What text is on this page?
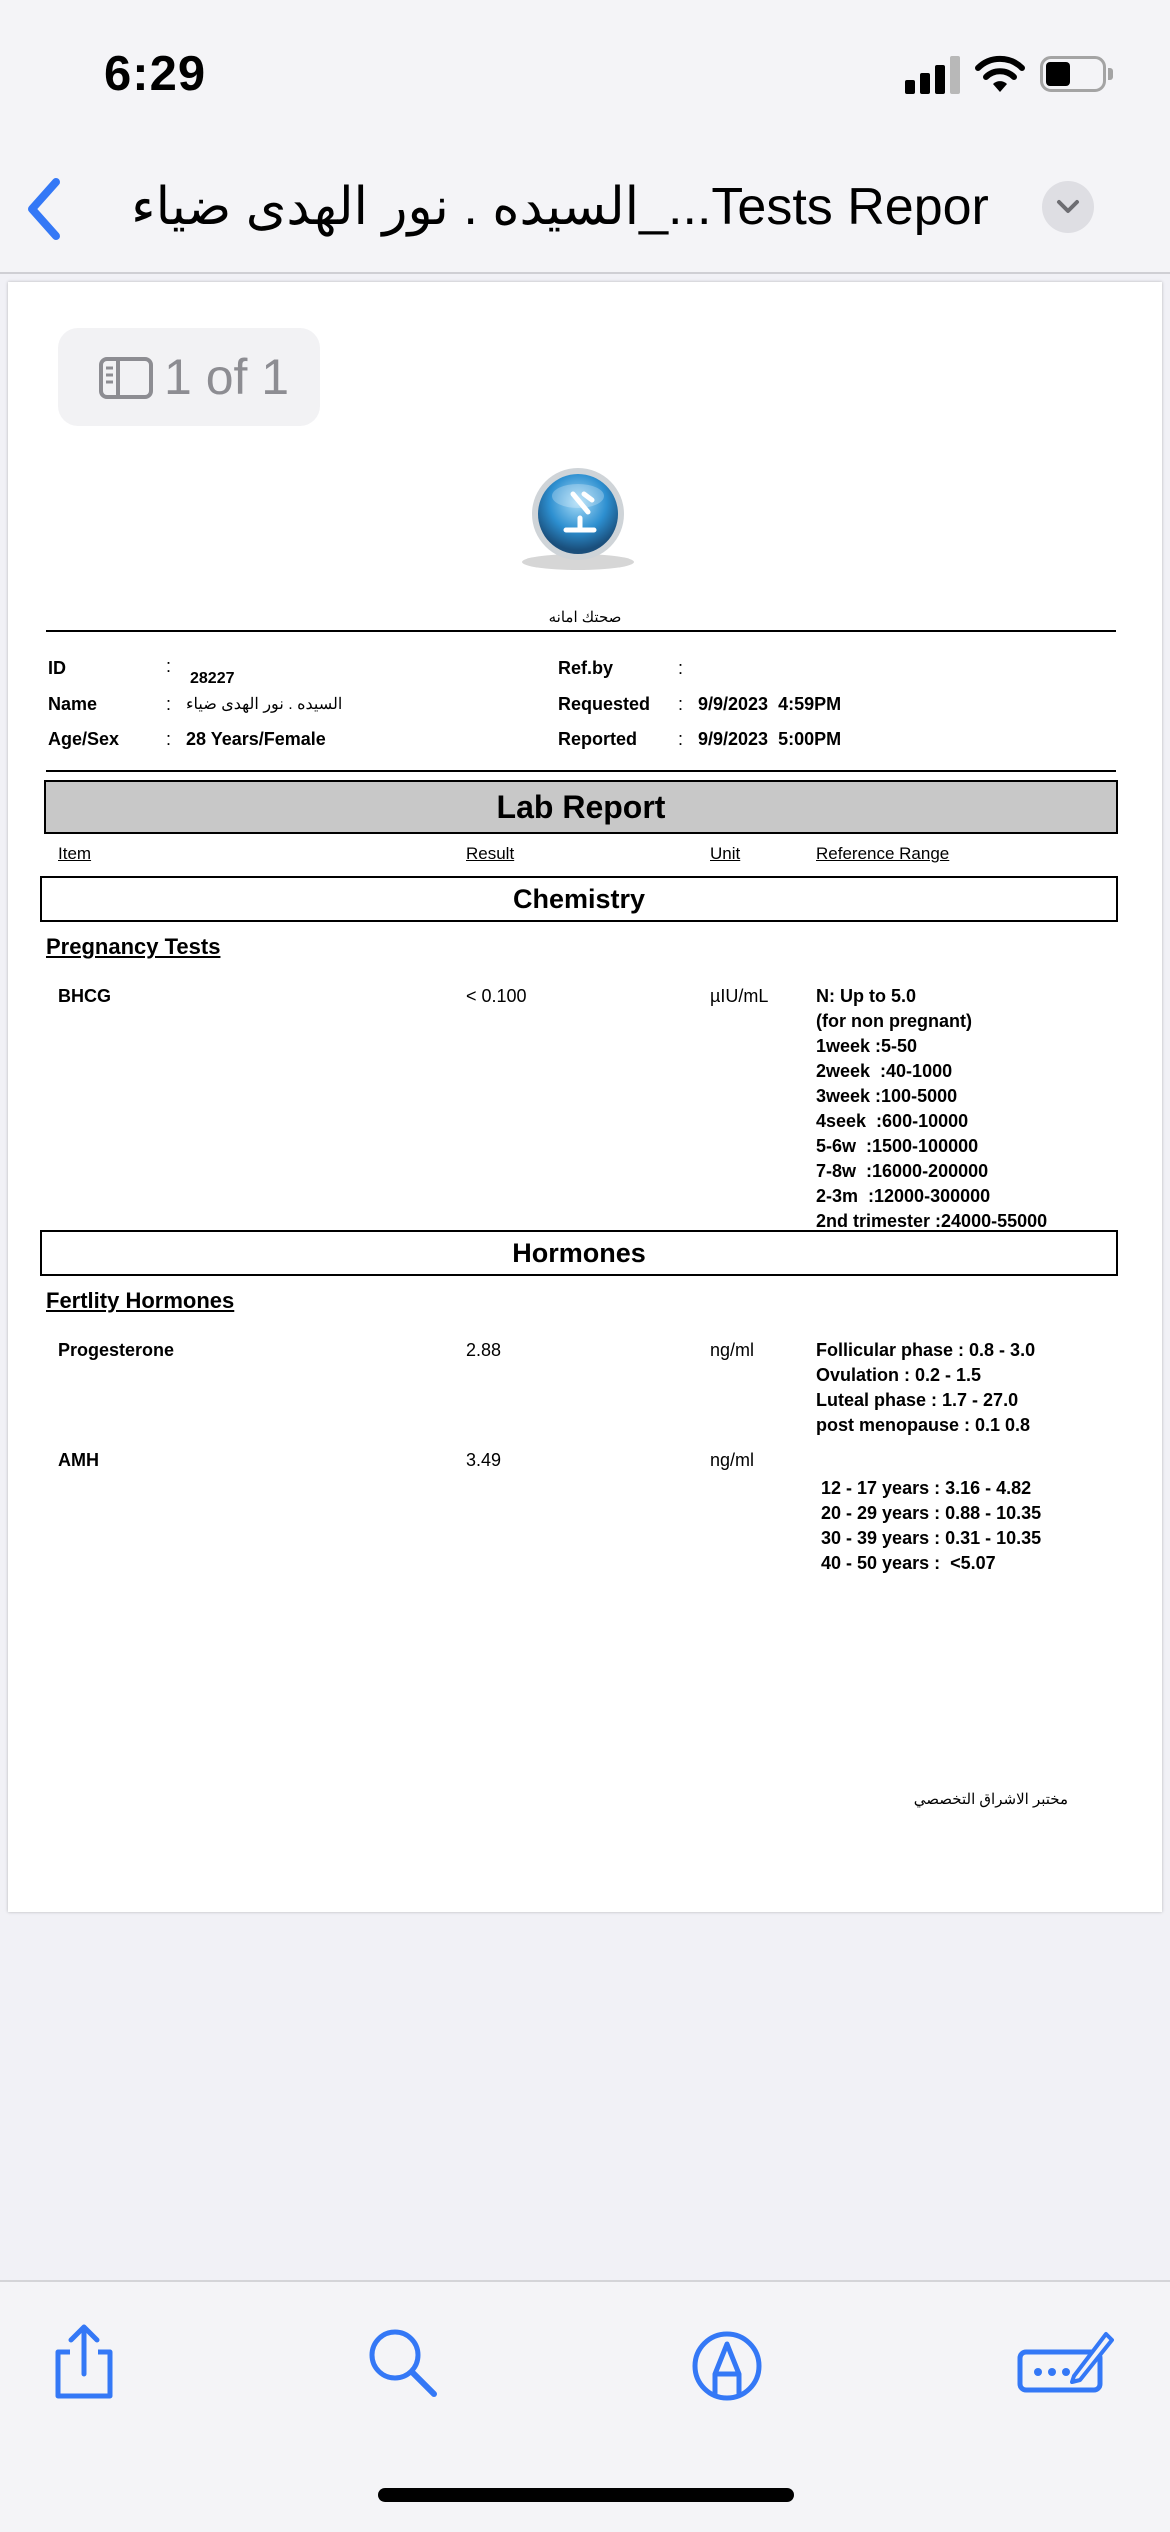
6:29
السيده . نور الهدى ضياء_...Tests Repor
1 of 1
صحتك امانه
ID	:
28227
Name	: السيده . نور الهدى ضياء
Age/Sex	: 28 Years/Female
Ref.by	:
Requested : 9/9/2023  4:59PM
Reported : 9/9/2023  5:00PM
Lab Report
Item	Result	Unit	Reference Range
Chemistry
Pregnancy Tests
BHCG	< 0.100	µIU/mL	N: Up to 5.0
(for non pregnant)
1week :5-50
2week  :40-1000
3week :100-5000
4seek  :600-10000
5-6w  :1500-100000
7-8w  :16000-200000
2-3m  :12000-300000
2nd trimester :24000-55000
Hormones
Fertlity Hormones
Progesterone	2.88	ng/ml	Follicular phase : 0.8 - 3.0
Ovulation : 0.2 - 1.5
Luteal phase : 1.7 - 27.0
post menopause : 0.1 0.8
AMH	3.49	ng/ml
12 - 17 years : 3.16 - 4.82
20 - 29 years : 0.88 - 10.35
30 - 39 years : 0.31 - 10.35
40 - 50 years :  <5.07
مختبر الاشراق التخصصي
